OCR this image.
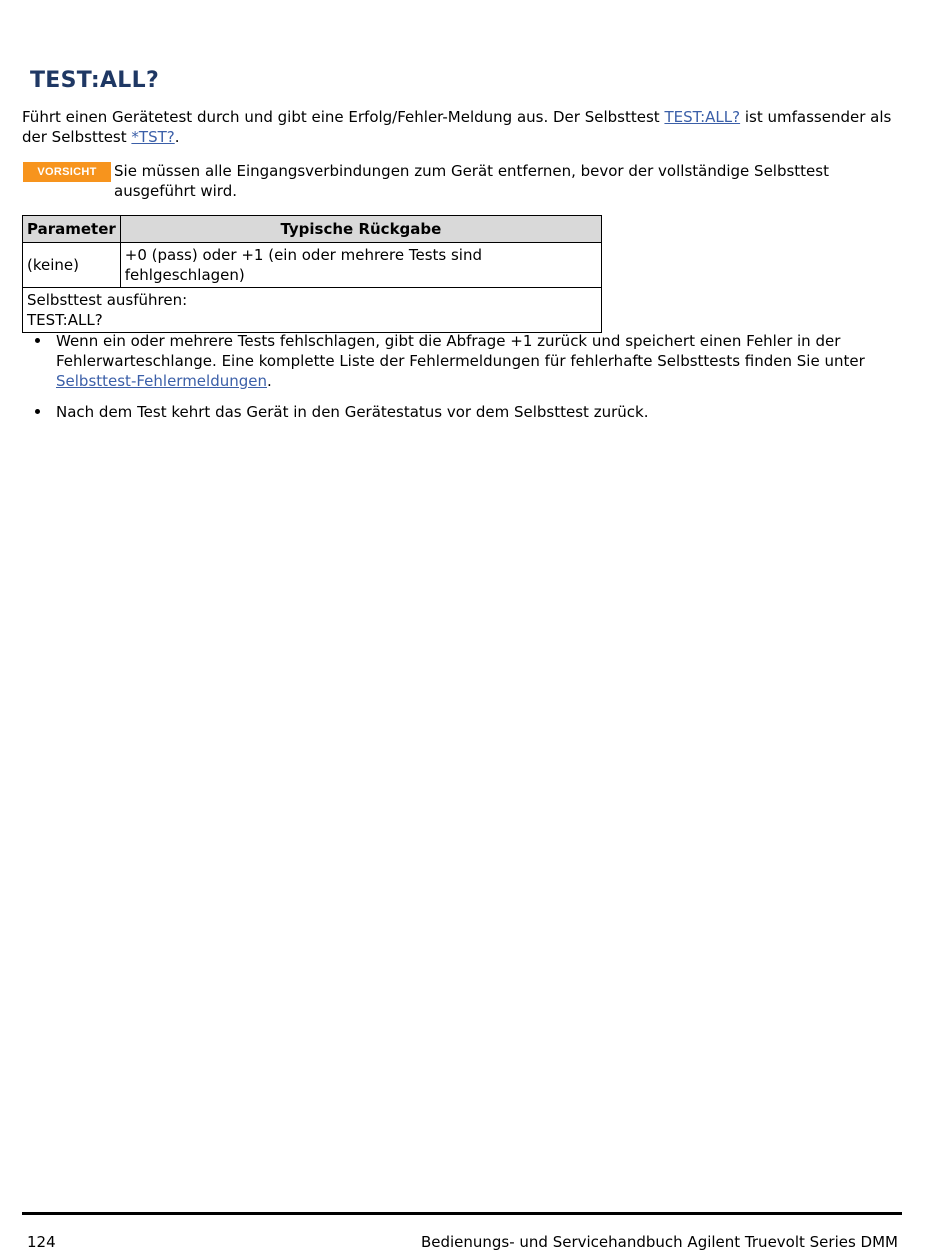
TEST:ALL?
Führt einen Gerätetest durch und gibt eine Erfolg/Fehler-Meldung aus. Der Selbsttest TEST:ALL? ist umfassender als der Selbsttest *TST?.
VORSICHT	Sie müssen alle Eingangsverbindungen zum Gerät entfernen, bevor der vollständige Selbsttest ausgeführt wird.
Parameter	Typische Rückgabe
(keine)	+0 (pass) oder +1 (ein oder mehrere Tests sind fehlgeschlagen)

Selbsttest ausführen:
TEST:ALL?	
Wenn ein oder mehrere Tests fehlschlagen, gibt die Abfrage +1 zurück und speichert einen Fehler in der Fehlerwarteschlange. Eine komplette Liste der Fehlermeldungen für fehlerhafte Selbsttests finden Sie unter Selbsttest-Fehlermeldungen.
Nach dem Test kehrt das Gerät in den Gerätestatus vor dem Selbsttest zurück.
124	Bedienungs- und Servicehandbuch Agilent Truevolt Series DMM
